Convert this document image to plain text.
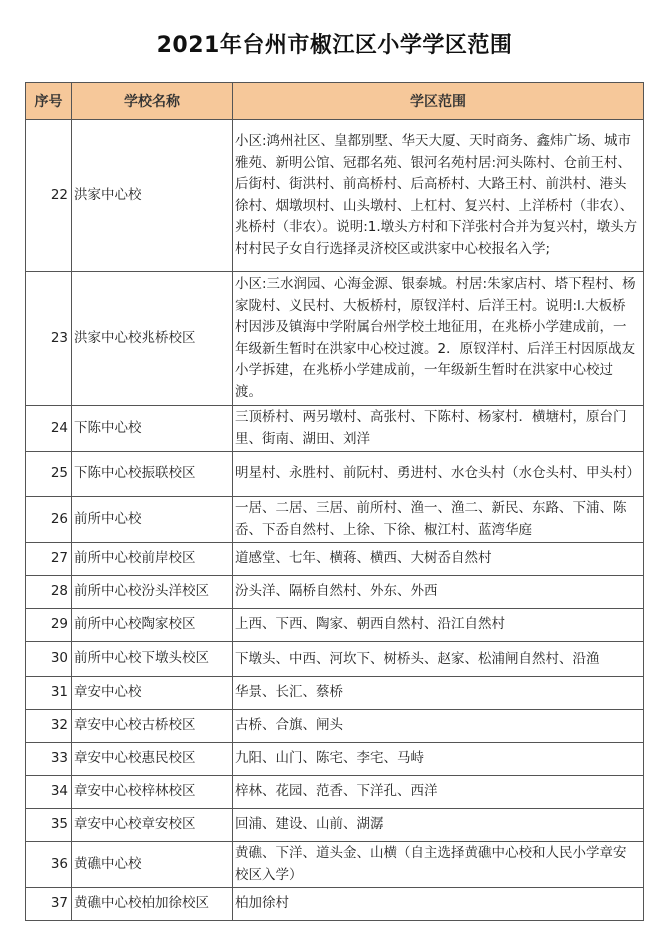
2021年台州市椒江区小学学区范围
序号	学校名称	学区范围
22	洪家中心校	小区:鸿州社区、皇都别墅、华天大厦、天时商务、鑫炜广场、城市雅苑、新明公馆、冠郡名苑、银河名苑村居:河头陈村、仓前王村、后街村、街洪村、前高桥村、后高桥村、大路王村、前洪村、港头徐村、烟墩坝村、山头墩村、上杠村、复兴村、上洋桥村（非农）、兆桥村（非农）。说明:1.墩头方村和下洋张村合并为复兴村，墩头方村村民子女自行选择灵济校区或洪家中心校报名入学;
23	洪家中心校兆桥校区	小区:三水润园、心海金源、银泰城。村居:朱家店村、塔下程村、杨家陇村、义民村、大板桥村，原钗洋村、后洋王村。说明:l.大板桥村因涉及镇海中学附属台州学校土地征用，在兆桥小学建成前，一年级新生暂时在洪家中心校过渡。2．原钗洋村、后洋王村因原战友小学拆建，在兆桥小学建成前，一年级新生暂时在洪家中心校过渡。
24	下陈中心校	三顶桥村、两另墩村、高张村、下陈村、杨家村．横塘村，原台门里、街南、湖田、刘洋
25	下陈中心校振联校区	明星村、永胜村、前阮村、勇进村、水仓头村（水仓头村、甲头村）
26	前所中心校	一居、二居、三居、前所村、渔一、渔二、新民、东路、下浦、陈岙、下岙自然村、上徐、下徐、椒江村、蓝湾华庭
27	前所中心校前岸校区	道感堂、七年、横蒋、横西、大树岙自然村
28	前所中心校汾头洋校区	汾头洋、隔桥自然村、外东、外西
29	前所中心校陶家校区	上西、下西、陶家、朝西自然村、沿江自然村
30	前所中心校下墩头校区	下墩头、中西、河坎下、树桥头、赵家、松浦闸自然村、沿渔
31	章安中心校	华景、长汇、蔡桥
32	章安中心校古桥校区	古桥、合旗、闸头
33	章安中心校惠民校区	九阳、山门、陈宅、李宅、马峙
34	章安中心校梓林校区	梓林、花园、范香、下洋孔、西洋
35	章安中心校章安校区	回浦、建设、山前、湖潺
36	黄礁中心校	黄礁、下洋、道头金、山横（自主选择黄礁中心校和人民小学章安校区入学）
37	黄礁中心校柏加徐校区	柏加徐村
